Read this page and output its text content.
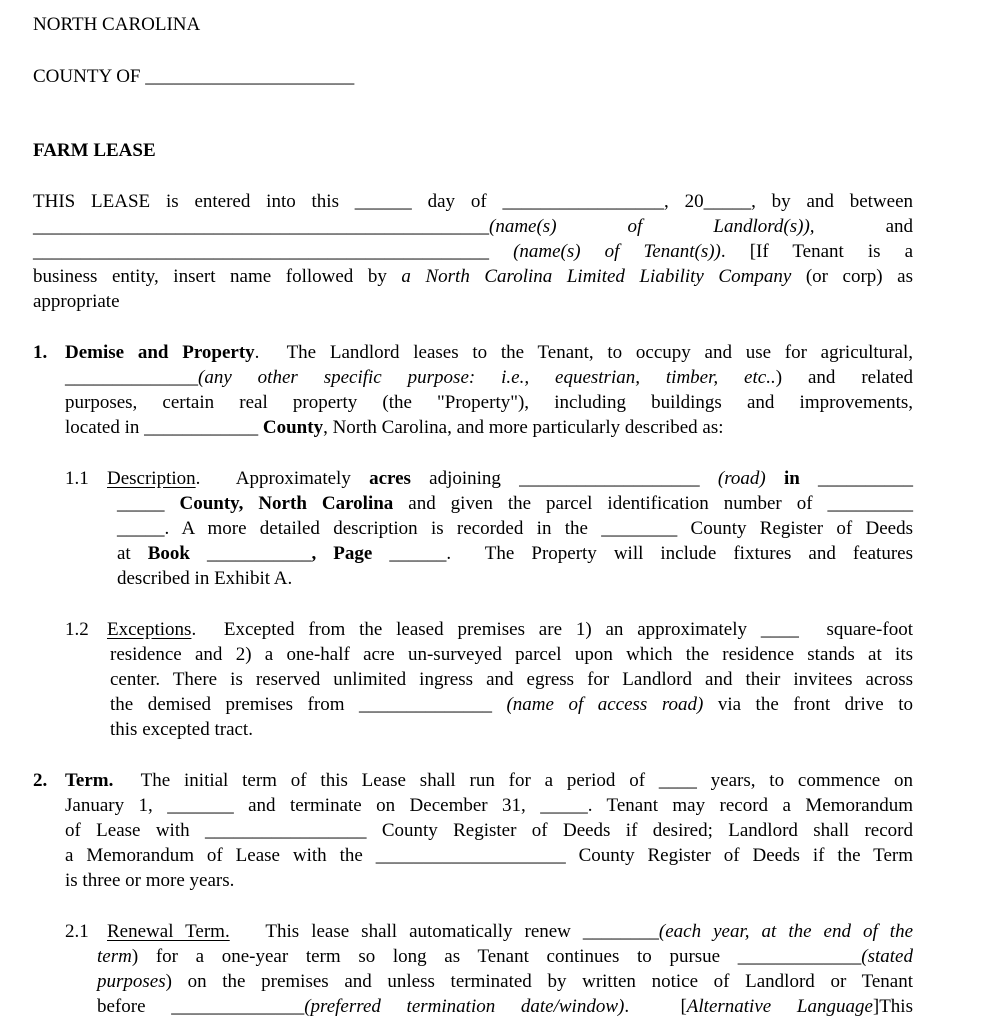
NORTH CAROLINA
COUNTY OF ______________________
FARM LEASE
THIS LEASE is entered into this ______ day of _________________, 20_____, by and between
________________________________________________(name(s) of Landlord(s)), and
________________________________________________ (name(s) of Tenant(s)). [If Tenant is a
business entity, insert name followed by a North Carolina Limited Liability Company (or corp) as
appropriate
1. Demise and Property.  The Landlord leases to the Tenant, to occupy and use for agricultural,
______________(any other specific purpose: i.e., equestrian, timber, etc..) and related
purposes, certain real property (the "Property"), including buildings and improvements,
located in ____________ County, North Carolina, and more particularly described as:
1.1 Description.  Approximately acres adjoining ___________________ (road) in __________
_____ County, North Carolina and given the parcel identification number of _________
_____. A more detailed description is recorded in the ________ County Register of Deeds
at Book ___________, Page ______.  The Property will include fixtures and features
described in Exhibit A.
1.2 Exceptions.  Excepted from the leased premises are 1) an approximately ____  square-foot
residence and 2) a one-half acre un-surveyed parcel upon which the residence stands at its
center. There is reserved unlimited ingress and egress for Landlord and their invitees across
the demised premises from ______________ (name of access road) via the front drive to
this excepted tract.
2. Term.  The initial term of this Lease shall run for a period of ____ years, to commence on
January 1, _______ and terminate on December 31, _____. Tenant may record a Memorandum
of Lease with _________________ County Register of Deeds if desired; Landlord shall record
a Memorandum of Lease with the ____________________ County Register of Deeds if the Term
is three or more years.
2.1 Renewal Term.   This lease shall automatically renew ________(each year, at the end of the
term) for a one-year term so long as Tenant continues to pursue _____________(stated
purposes) on the premises and unless terminated by written notice of Landlord or Tenant
before ______________(preferred termination date/window).  [Alternative Language]This
